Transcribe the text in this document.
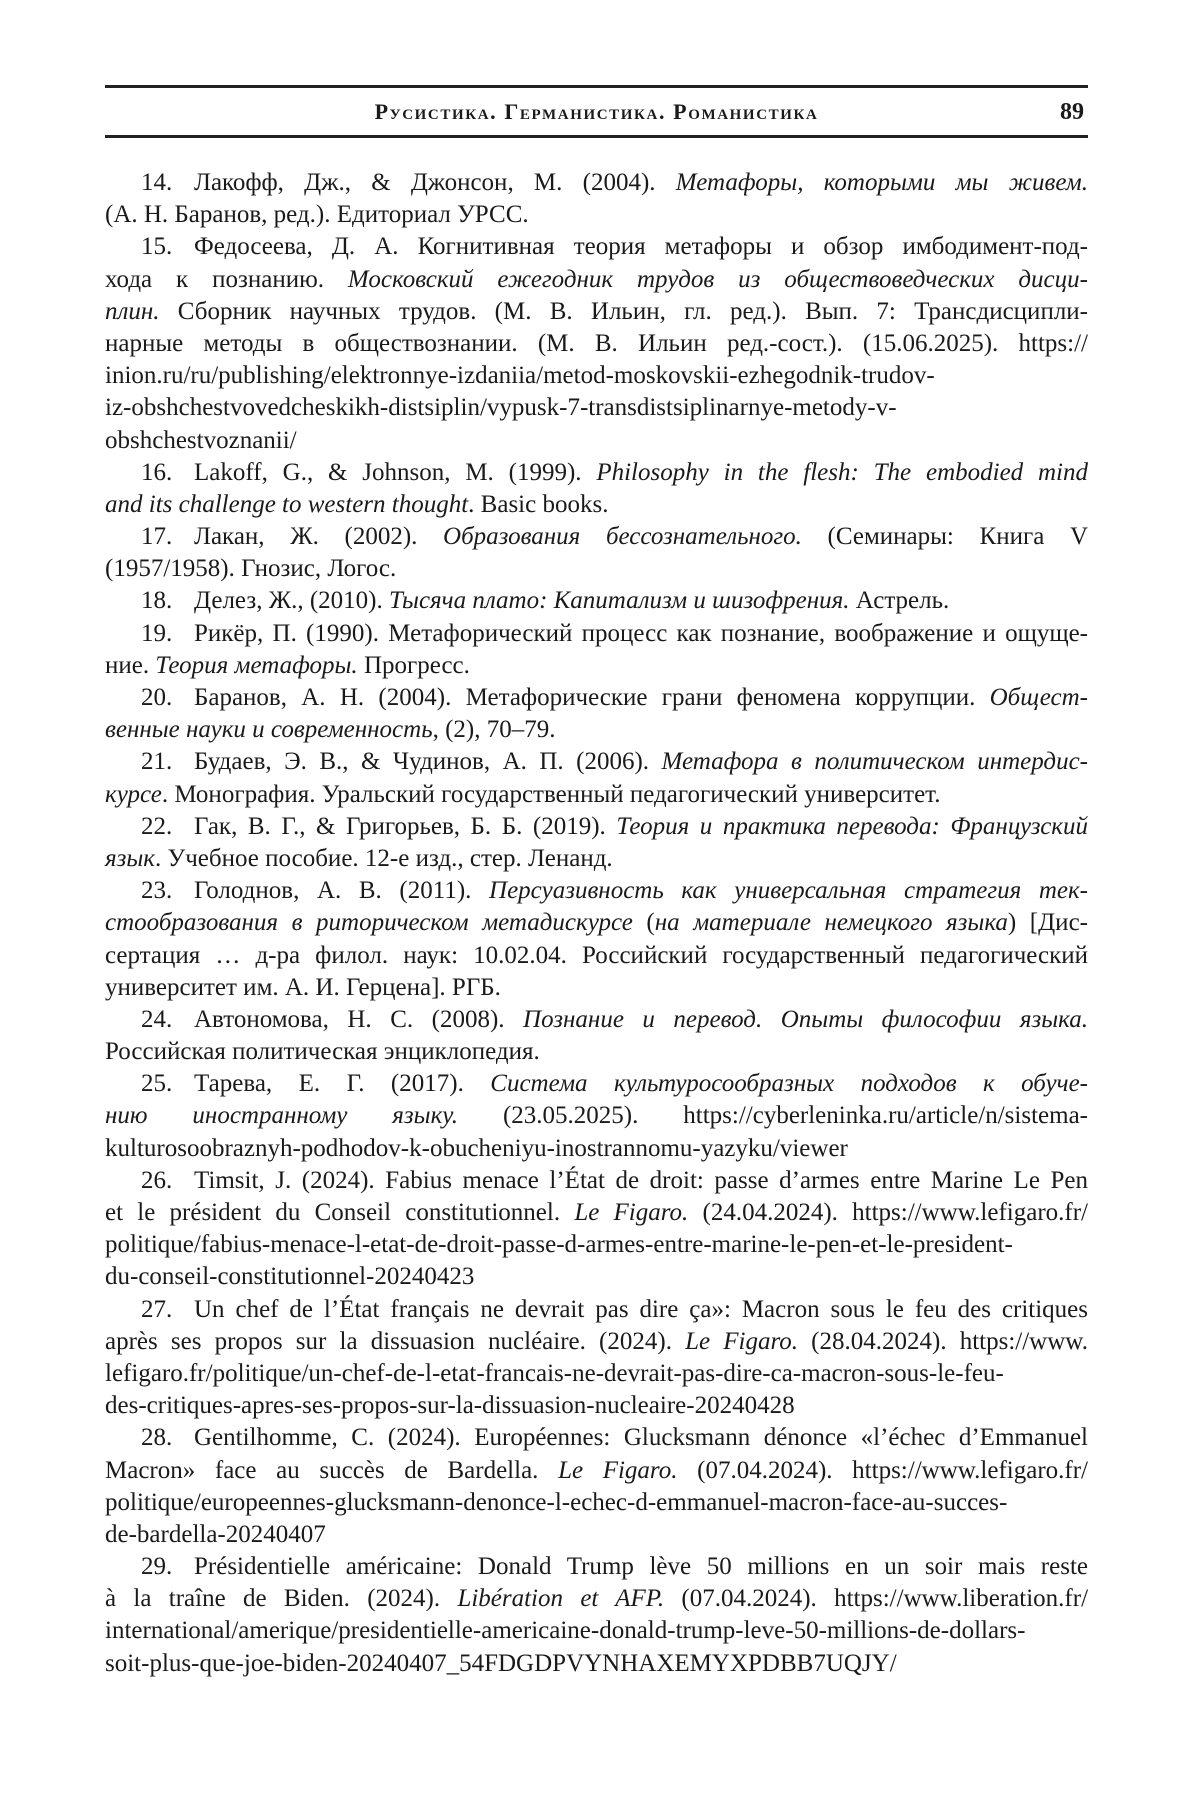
Русистика. Германистика. Романистика	89
14. Лакофф, Дж., & Джонсон, М. (2004). Метафоры, которыми мы живем.
(А. Н. Баранов, ред.). Едиториал УРСС.
15. Федосеева, Д. А. Когнитивная теория метафоры и обзор имбодимент-под-
хода к познанию. Московский ежегодник трудов из обществоведческих дисци-
плин. Сборник научных трудов. (М. В. Ильин, гл. ред.). Вып. 7: Трансдисципли-
нарные методы в обществознании. (М. В. Ильин ред.-сост.). (15.06.2025). https://
inion.ru/ru/publishing/elektronnye-izdaniia/metod-moskovskii-ezhegodnik-trudov-
iz-obshchestvovedcheskikh-distsiplin/vypusk-7-transdistsiplinarnye-metody-v-
obshchestvoznanii/
16. Lakoff, G., & Johnson, M. (1999). Philosophy in the flesh: The embodied mind
and its challenge to western thought. Basic books.
17. Лакан, Ж. (2002). Образования бессознательного. (Семинары: Книга V
(1957/1958). Гнозис, Логос.
18. Делез, Ж., (2010). Тысяча плато: Капитализм и шизофрения. Астрель.
19. Рикёр, П. (1990). Метафорический процесс как познание, воображение и ощуще-
ние. Теория метафоры. Прогресс.
20. Баранов, А. Н. (2004). Метафорические грани феномена коррупции. Общест-
венные науки и современность, (2), 70–79.
21. Будаев, Э. В., & Чудинов, А. П. (2006). Метафора в политическом интердис-
курсе. Монография. Уральский государственный педагогический университет.
22. Гак, В. Г., & Григорьев, Б. Б. (2019). Теория и практика перевода: Французский
язык. Учебное пособие. 12-е изд., стер. Ленанд.
23. Голоднов, А. В. (2011). Персуазивность как универсальная стратегия тек-
стообразования в риторическом метадискурсе (на материале немецкого языка) [Дис-
сертация … д-ра филол. наук: 10.02.04. Российский государственный педагогический
университет им. А. И. Герцена]. РГБ.
24. Автономова, Н. С. (2008). Познание и перевод. Опыты философии языка.
Российская политическая энциклопедия.
25. Тарева, Е. Г. (2017). Система культуросообразных подходов к обуче-
нию иностранному языку. (23.05.2025). https://cyberleninka.ru/article/n/sistema-
kulturosoobraznyh-podhodov-k-obucheniyu-inostrannomu-yazyku/viewer
26. Timsit, J. (2024). Fabius menace l’État de droit: passe d’armes entre Marine Le Pen
et le président du Conseil constitutionnel. Le Figaro. (24.04.2024). https://www.lefigaro.fr/
politique/fabius-menace-l-etat-de-droit-passe-d-armes-entre-marine-le-pen-et-le-president-
du-conseil-constitutionnel-20240423
27. Un chef de l’État français ne devrait pas dire ça»: Macron sous le feu des critiques
après ses propos sur la dissuasion nucléaire. (2024). Le Figaro. (28.04.2024). https://www.
lefigaro.fr/politique/un-chef-de-l-etat-francais-ne-devrait-pas-dire-ca-macron-sous-le-feu-
des-critiques-apres-ses-propos-sur-la-dissuasion-nucleaire-20240428
28. Gentilhomme, C. (2024). Européennes: Glucksmann dénonce «l’échec d’Emmanuel
Macron» face au succès de Bardella. Le Figaro. (07.04.2024). https://www.lefigaro.fr/
politique/europeennes-glucksmann-denonce-l-echec-d-emmanuel-macron-face-au-succes-
de-bardella-20240407
29. Présidentielle américaine: Donald Trump lève 50 millions en un soir mais reste
à la traîne de Biden. (2024). Libération et AFP. (07.04.2024). https://www.liberation.fr/
international/amerique/presidentielle-americaine-donald-trump-leve-50-millions-de-dollars-
soit-plus-que-joe-biden-20240407_54FDGDPVYNHAXEMYXPDBB7UQJY/
